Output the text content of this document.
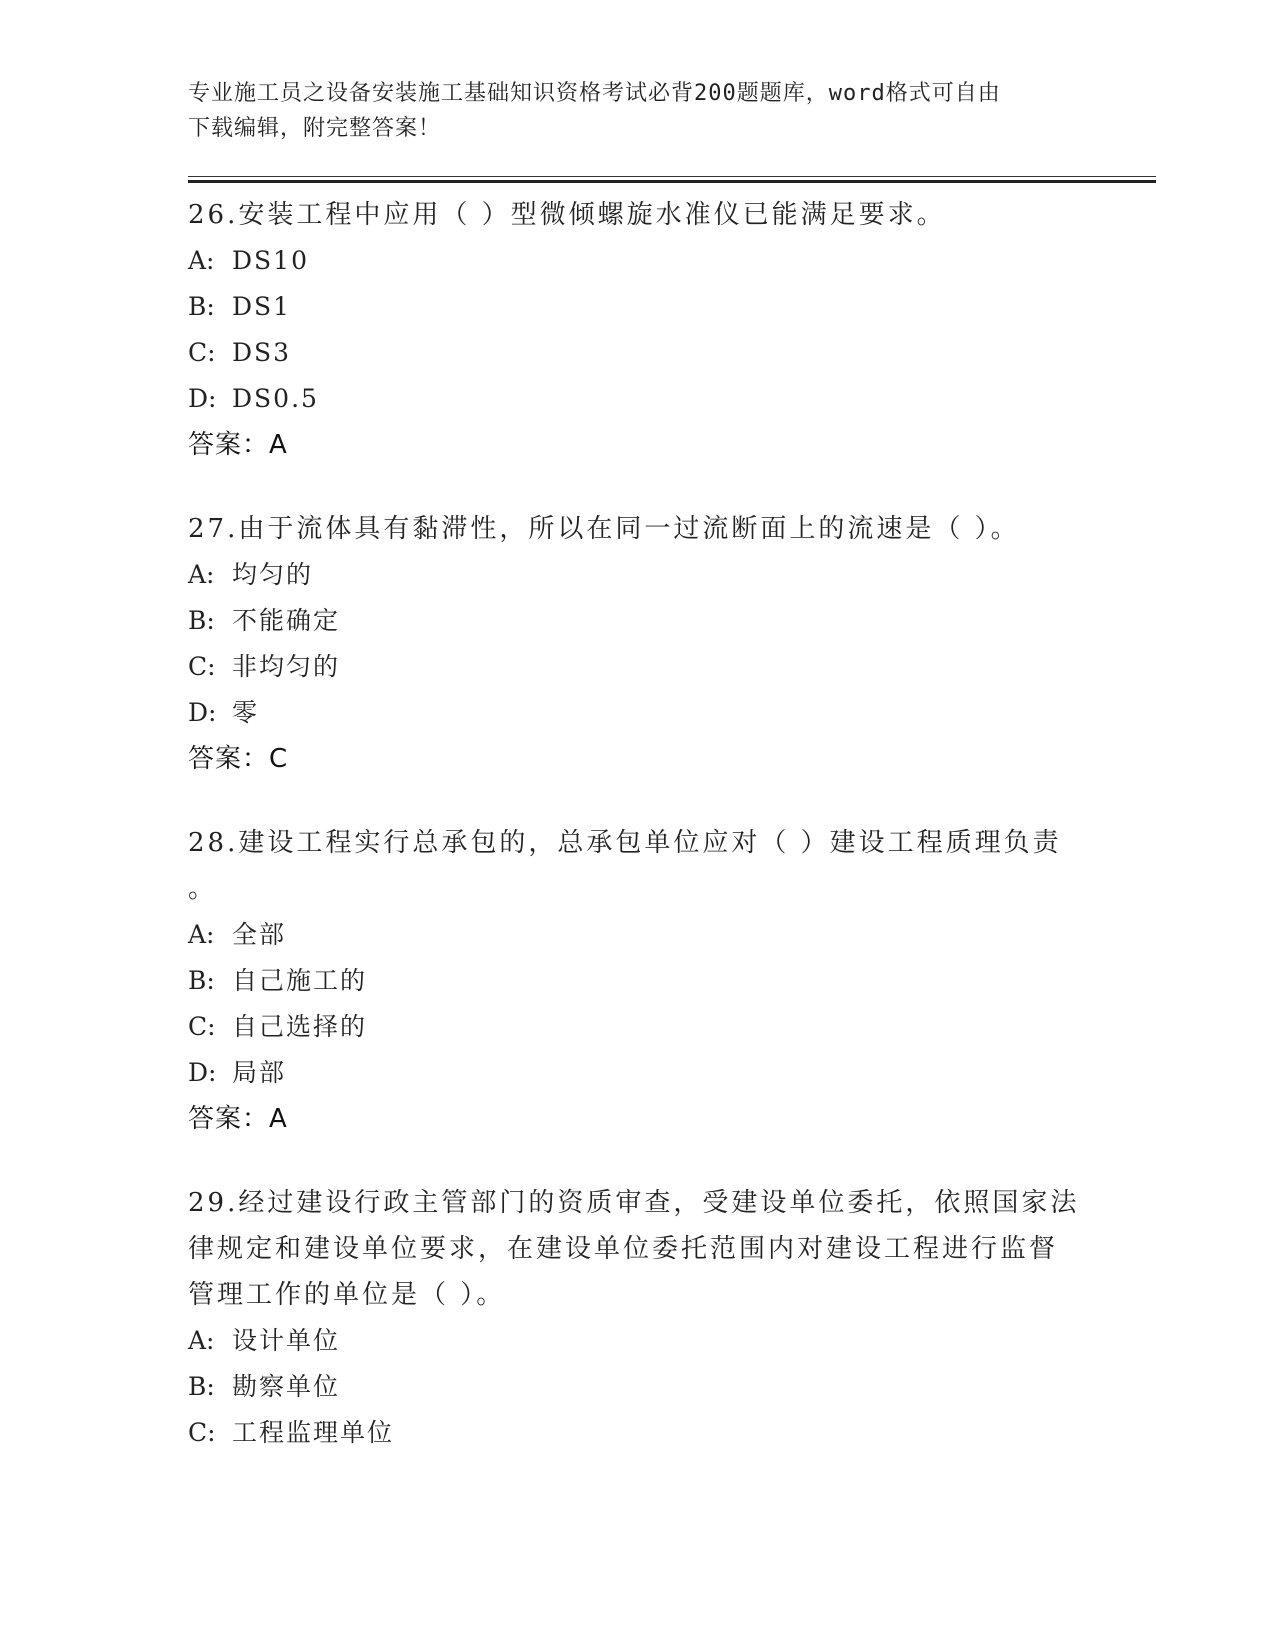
专业施工员之设备安装施工基础知识资格考试必背200题题库，word格式可自由
下载编辑，附完整答案！

26.安装工程中应用（ ）型微倾螺旋水准仪已能满足要求。

A: DS10

B: DS1

C: DS3

D: DS0.5

答案：A

27.由于流体具有黏滞性，所以在同一过流断面上的流速是（ ）。

A: 均匀的

B: 不能确定

C: 非均匀的

D: 零

答案：C

28.建设工程实行总承包的，总承包单位应对（ ）建设工程质理负责

。

A: 全部

B: 自己施工的

C: 自己选择的

D: 局部

答案：A

29.经过建设行政主管部门的资质审查，受建设单位委托，依照国家法

律规定和建设单位要求，在建设单位委托范围内对建设工程进行监督

管理工作的单位是（ ）。

A: 设计单位

B: 勘察单位

C: 工程监理单位
